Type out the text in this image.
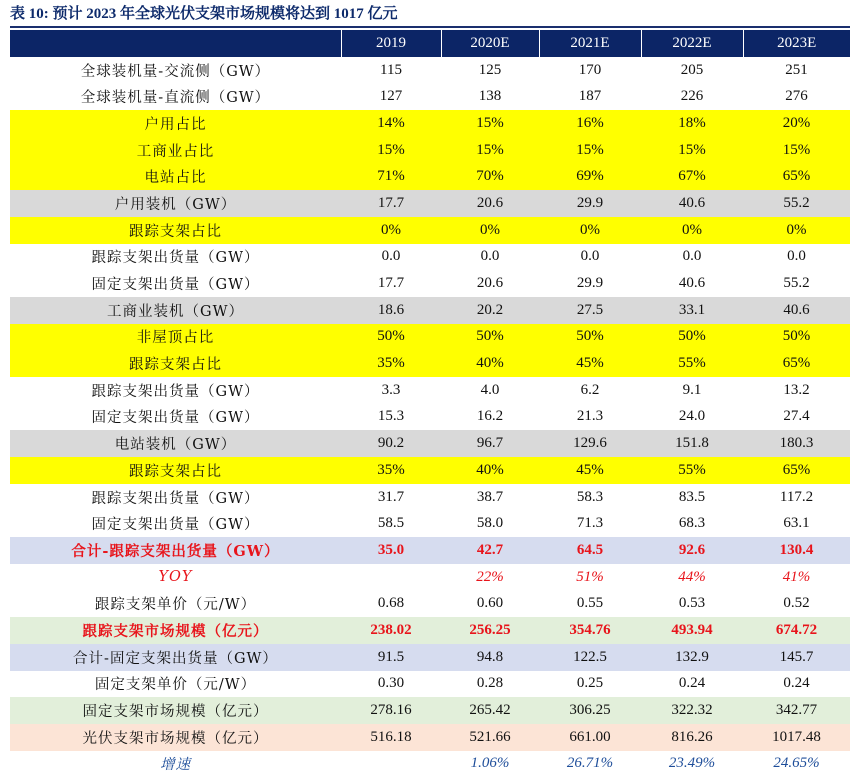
表 10: 预计 2023 年全球光伏支架市场规模将达到 1017 亿元
	2019	2020E	2021E	2022E	2023E
全球装机量-交流侧（GW）	115	125	170	205	251
全球装机量-直流侧（GW）	127	138	187	226	276
户用占比	14%	15%	16%	18%	20%
工商业占比	15%	15%	15%	15%	15%
电站占比	71%	70%	69%	67%	65%
户用装机（GW）	17.7	20.6	29.9	40.6	55.2
跟踪支架占比	0%	0%	0%	0%	0%
跟踪支架出货量（GW）	0.0	0.0	0.0	0.0	0.0
固定支架出货量（GW）	17.7	20.6	29.9	40.6	55.2
工商业装机（GW）	18.6	20.2	27.5	33.1	40.6
非屋顶占比	50%	50%	50%	50%	50%
跟踪支架占比	35%	40%	45%	55%	65%
跟踪支架出货量（GW）	3.3	4.0	6.2	9.1	13.2
固定支架出货量（GW）	15.3	16.2	21.3	24.0	27.4
电站装机（GW）	90.2	96.7	129.6	151.8	180.3
跟踪支架占比	35%	40%	45%	55%	65%
跟踪支架出货量（GW）	31.7	38.7	58.3	83.5	117.2
固定支架出货量（GW）	58.5	58.0	71.3	68.3	63.1
合计-跟踪支架出货量（GW）	35.0	42.7	64.5	92.6	130.4
YOY		22%	51%	44%	41%
跟踪支架单价（元/W）	0.68	0.60	0.55	0.53	0.52
跟踪支架市场规模（亿元）	238.02	256.25	354.76	493.94	674.72
合计-固定支架出货量（GW）	91.5	94.8	122.5	132.9	145.7
固定支架单价（元/W）	0.30	0.28	0.25	0.24	0.24
固定支架市场规模（亿元）	278.16	265.42	306.25	322.32	342.77
光伏支架市场规模（亿元）	516.18	521.66	661.00	816.26	1017.48
增速		1.06%	26.71%	23.49%	24.65%
